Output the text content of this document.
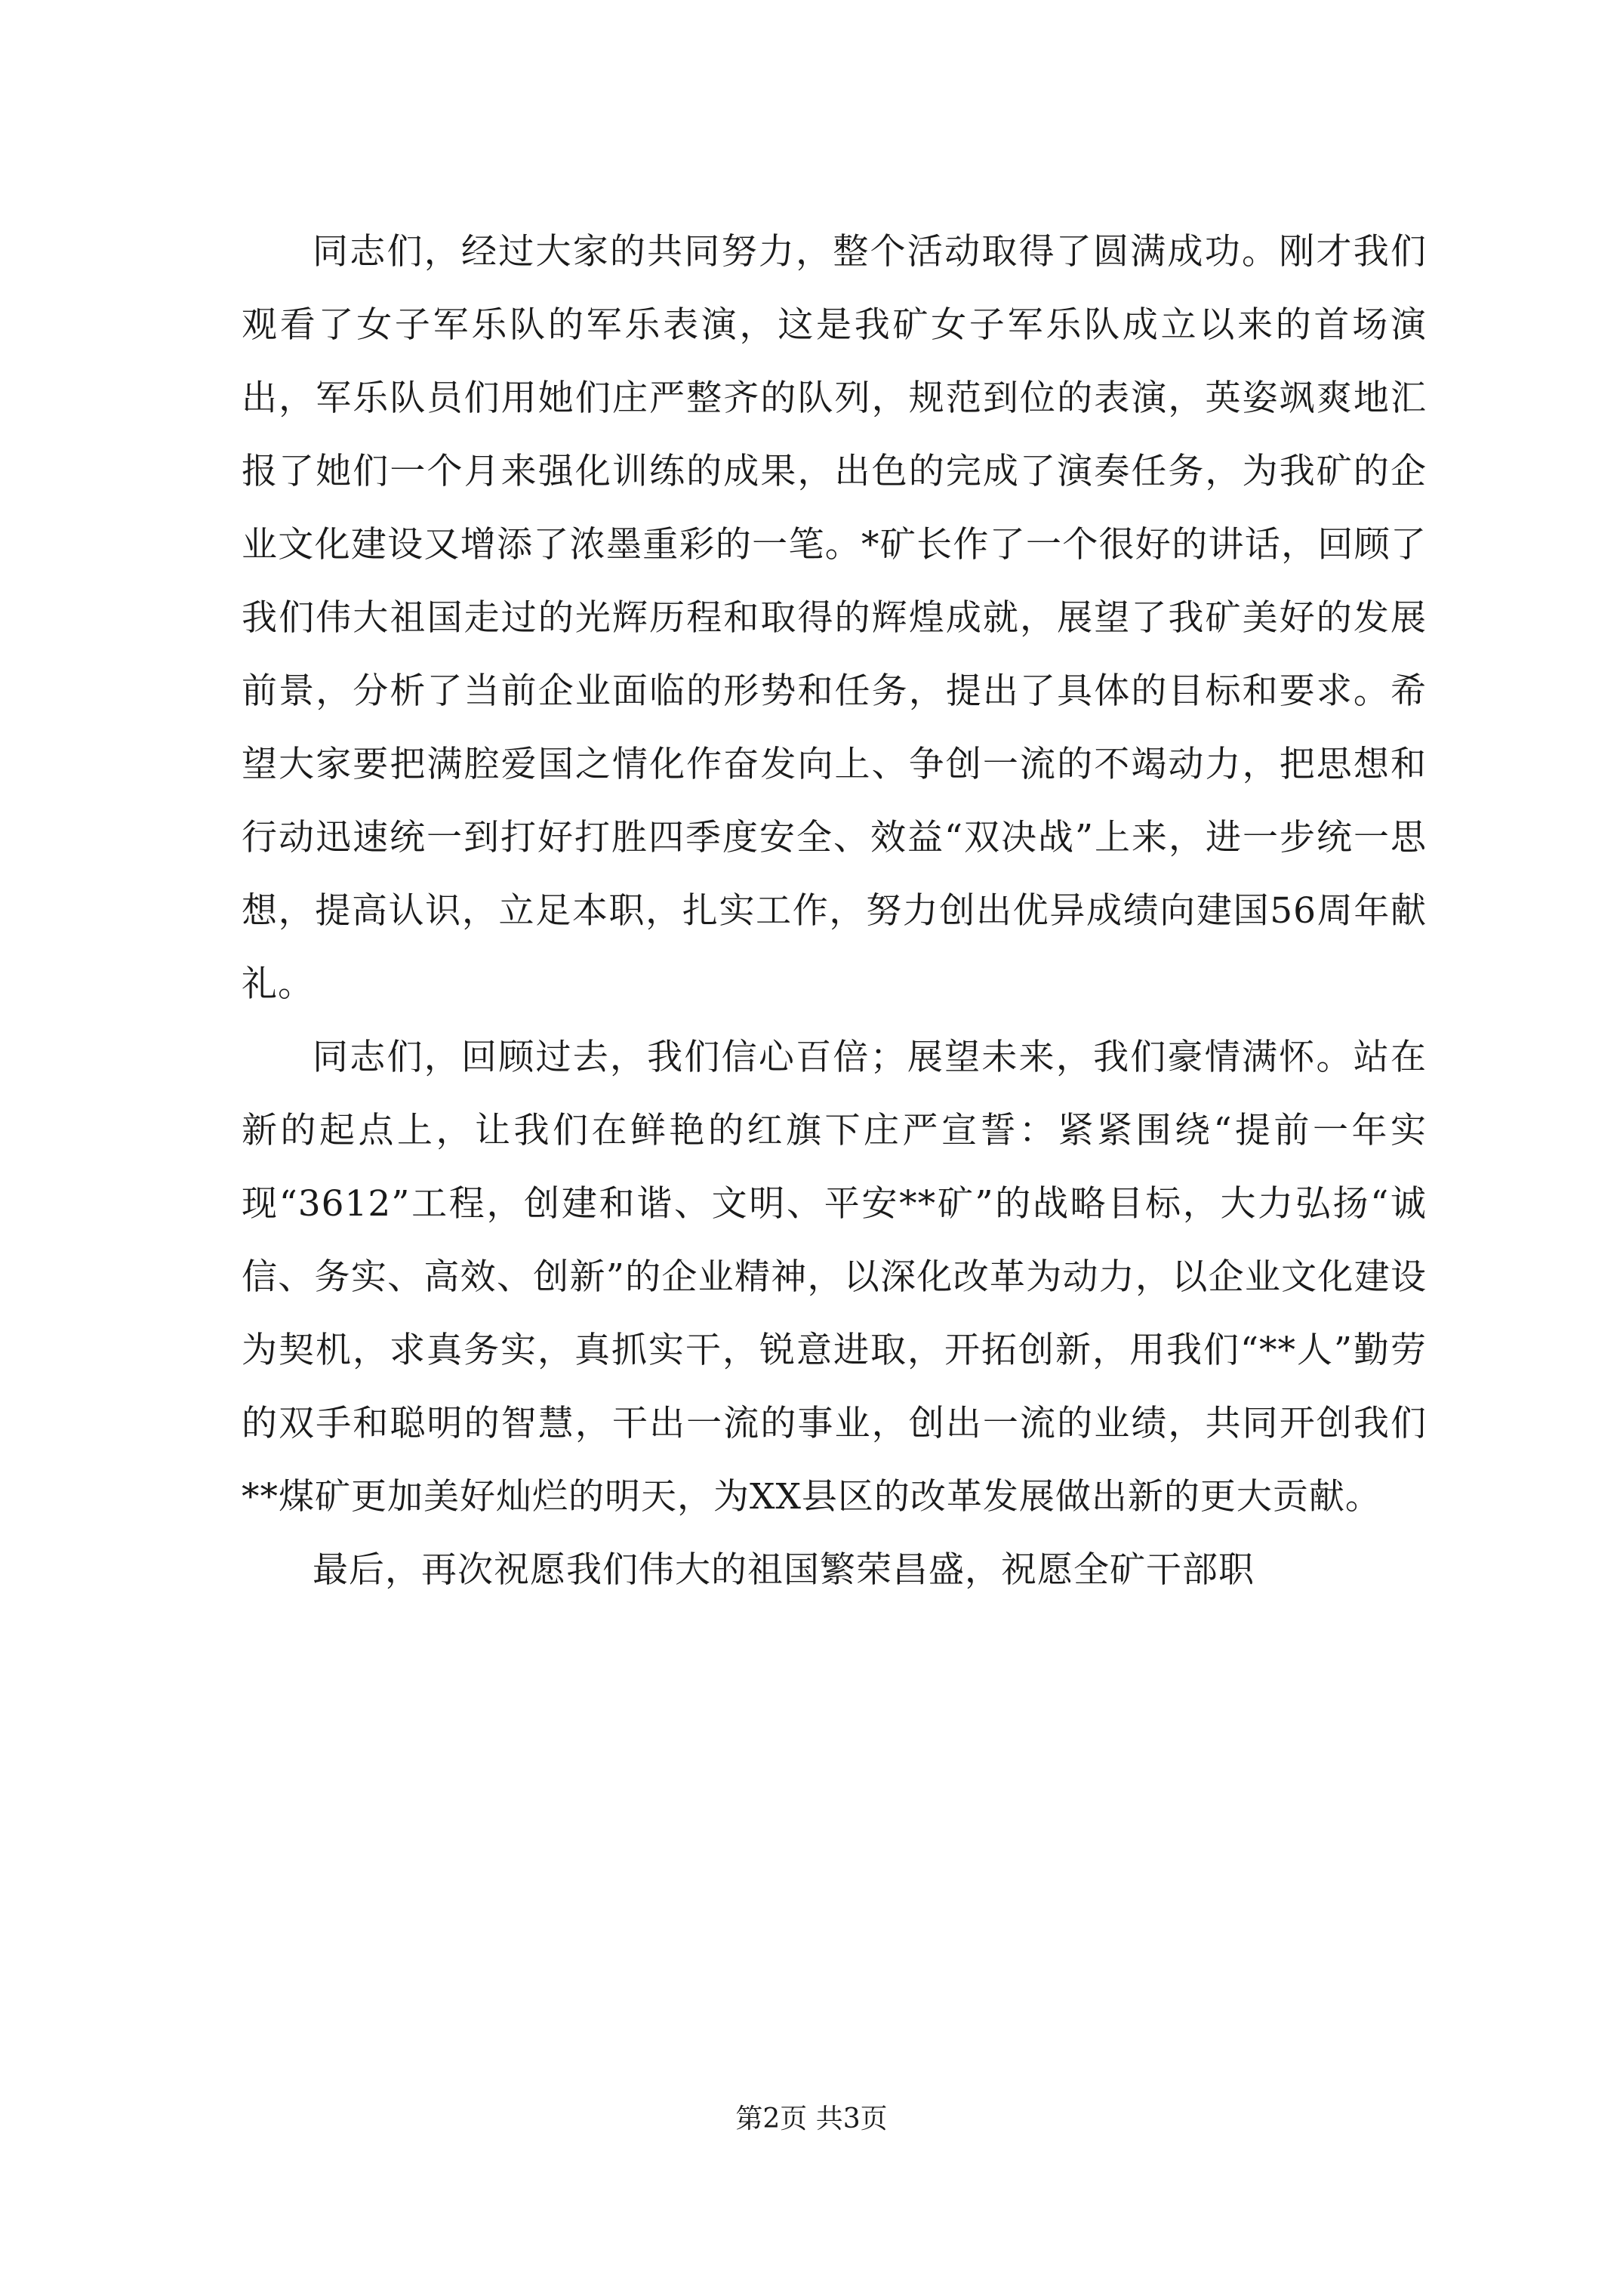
同志们，经过大家的共同努力，整个活动取得了圆满成功。刚才我们观看了女子军乐队的军乐表演，这是我矿女子军乐队成立以来的首场演出，军乐队员们用她们庄严整齐的队列，规范到位的表演，英姿飒爽地汇报了她们一个月来强化训练的成果，出色的完成了演奏任务，为我矿的企业文化建设又增添了浓墨重彩的一笔。*矿长作了一个很好的讲话，回顾了我们伟大祖国走过的光辉历程和取得的辉煌成就，展望了我矿美好的发展前景，分析了当前企业面临的形势和任务，提出了具体的目标和要求。希望大家要把满腔爱国之情化作奋发向上、争创一流的不竭动力，把思想和行动迅速统一到打好打胜四季度安全、效益“双决战”上来，进一步统一思想，提高认识，立足本职，扎实工作，努力创出优异成绩向建国56周年献礼。

同志们，回顾过去，我们信心百倍；展望未来，我们豪情满怀。站在新的起点上，让我们在鲜艳的红旗下庄严宣誓：紧紧围绕“提前一年实现“3612”工程，创建和谐、文明、平安**矿”的战略目标，大力弘扬“诚信、务实、高效、创新”的企业精神，以深化改革为动力，以企业文化建设为契机，求真务实，真抓实干，锐意进取，开拓创新，用我们“**人”勤劳的双手和聪明的智慧，干出一流的事业，创出一流的业绩，共同开创我们**煤矿更加美好灿烂的明天，为XX县区的改革发展做出新的更大贡献。

最后，再次祝愿我们伟大的祖国繁荣昌盛，祝愿全矿干部职

第2页 共3页
